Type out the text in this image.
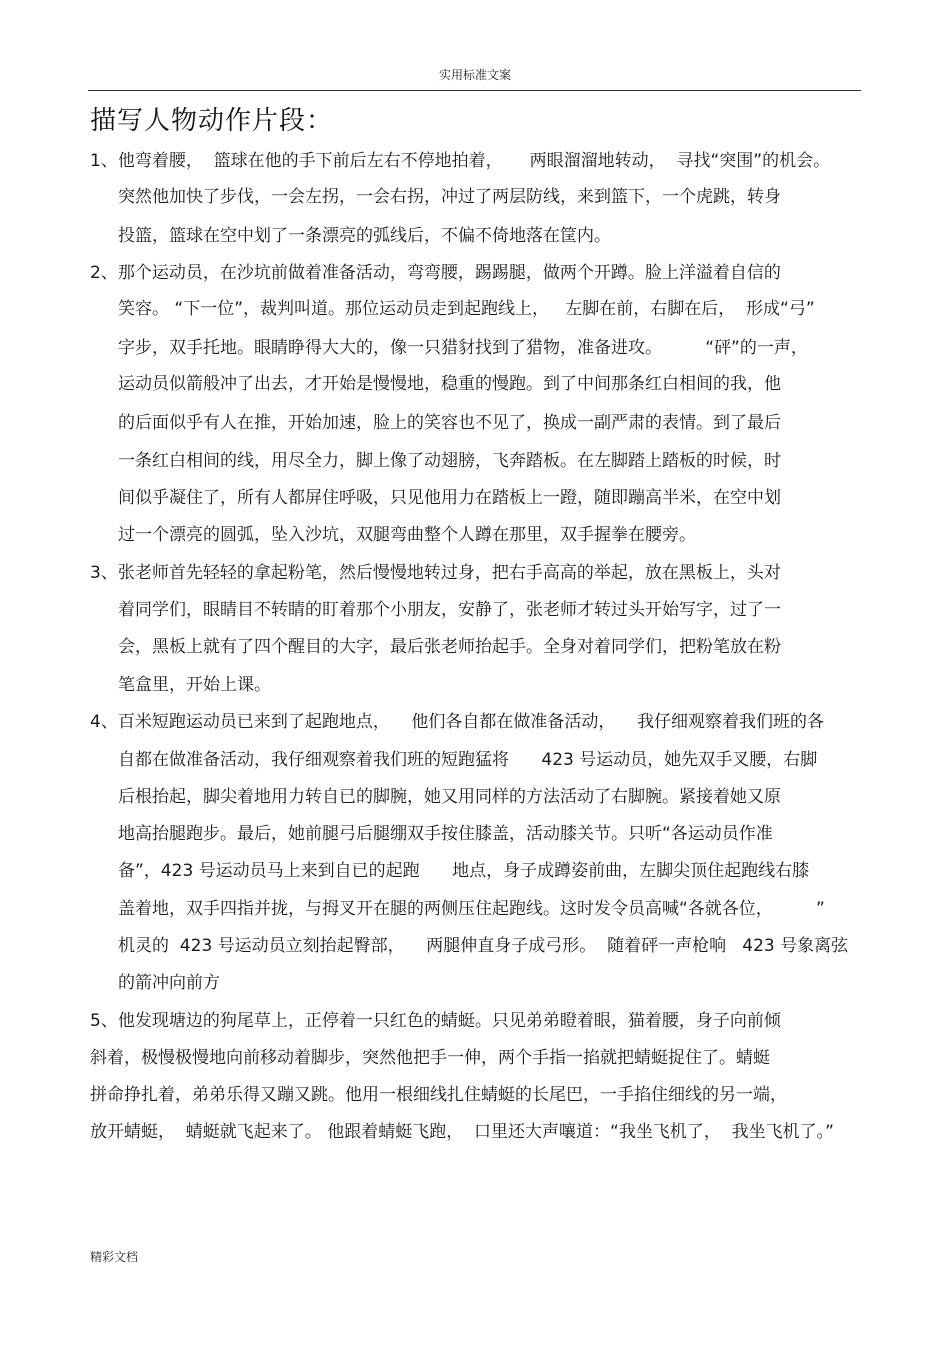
实用标准文案
描写人物动作片段：
1、他弯着腰，  篮球在他的手下前后左右不停地拍着，     两眼溜溜地转动，  寻找“突围”的机会。
突然他加快了步伐，一会左拐，一会右拐，冲过了两层防线，来到篮下，一个虎跳，转身
投篮，篮球在空中划了一条漂亮的弧线后，不偏不倚地落在筐内。
2、那个运动员，在沙坑前做着准备活动，弯弯腰，踢踢腿，做两个开蹲。脸上洋溢着自信的
笑容。 “下一位”，裁判叫道。那位运动员走到起跑线上，   左脚在前，右脚在后，  形成“弓”
字步，双手托地。眼睛睁得大大的，像一只猎豺找到了猎物，准备进攻。        “砰”的一声，
运动员似箭般冲了出去，才开始是慢慢地，稳重的慢跑。到了中间那条红白相间的我，他
的后面似乎有人在推，开始加速，脸上的笑容也不见了，换成一副严肃的表情。到了最后
一条红白相间的线，用尽全力，脚上像了动翅膀，飞奔踏板。在左脚踏上踏板的时候，时
间似乎凝住了，所有人都屏住呼吸，只见他用力在踏板上一蹬，随即蹦高半米，在空中划
过一个漂亮的圆弧，坠入沙坑，双腿弯曲整个人蹲在那里，双手握拳在腰旁。
3、张老师首先轻轻的拿起粉笔，然后慢慢地转过身，把右手高高的举起，放在黑板上，头对
着同学们，眼睛目不转睛的盯着那个小朋友，安静了，张老师才转过头开始写字，过了一
会，黑板上就有了四个醒目的大字，最后张老师抬起手。全身对着同学们，把粉笔放在粉
笔盒里，开始上课。
4、百米短跑运动员已来到了起跑地点，    他们各自都在做准备活动，    我仔细观察着我们班的各
自都在做准备活动，我仔细观察着我们班的短跑猛将      423 号运动员，她先双手叉腰，右脚
后根抬起，脚尖着地用力转自已的脚腕，她又用同样的方法活动了右脚腕。紧接着她又原
地高抬腿跑步。最后，她前腿弓后腿绷双手按住膝盖，活动膝关节。只听“各运动员作准
备”，423 号运动员马上来到自已的起跑      地点，身子成蹲姿前曲，左脚尖顶住起跑线右膝
盖着地，双手四指并拢，与拇叉开在腿的两侧压住起跑线。这时发令员高喊“各就各位，        ”
机灵的  423 号运动员立刻抬起臀部，    两腿伸直身子成弓形。  随着砰一声枪响   423 号象离弦
的箭冲向前方
5、他发现塘边的狗尾草上，正停着一只红色的蜻蜓。只见弟弟瞪着眼，猫着腰，身子向前倾
斜着，极慢极慢地向前移动着脚步，突然他把手一伸，两个手指一掐就把蜻蜓捉住了。蜻蜓
拼命挣扎着，弟弟乐得又蹦又跳。他用一根细线扎住蜻蜓的长尾巴，一手掐住细线的另一端，
放开蜻蜓，  蜻蜓就飞起来了。 他跟着蜻蜓飞跑，  口里还大声嚷道：“我坐飞机了，  我坐飞机了。”
精彩文档
